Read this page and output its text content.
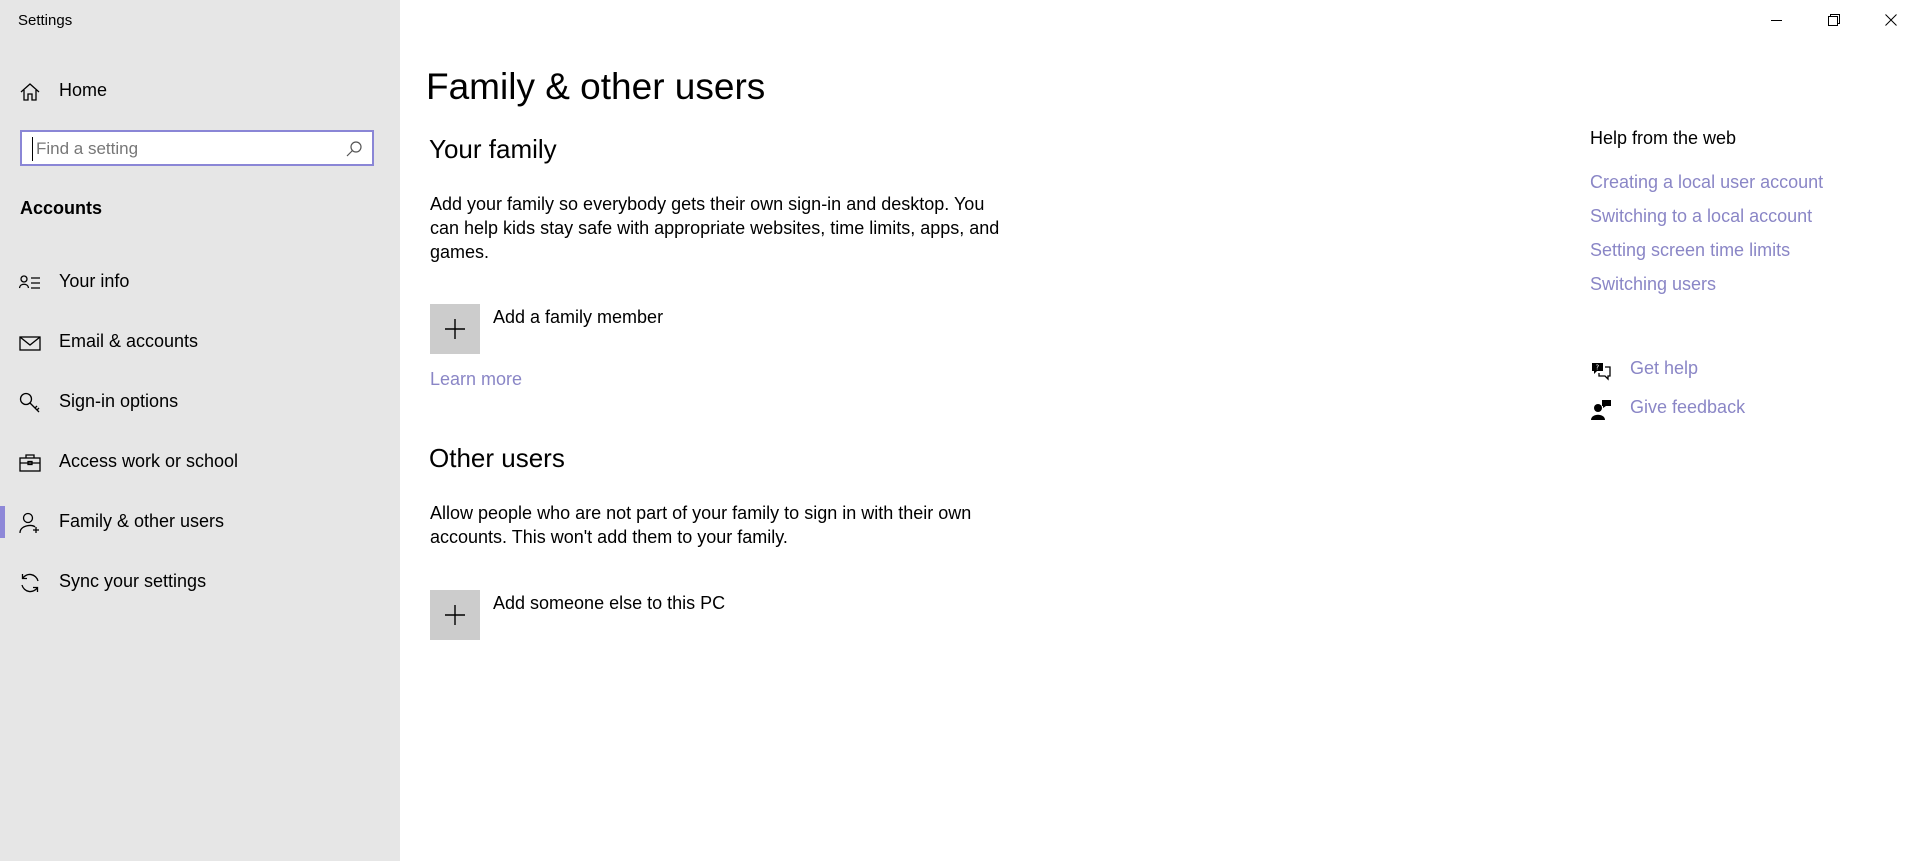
Settings
Home
Find a setting
Accounts
Your info
Email & accounts
Sign-in options
Access work or school
Family & other users
Sync your settings
Family & other users
Your family
Add your family so everybody gets their own sign-in and desktop. You can help kids stay safe with appropriate websites, time limits, apps, and games.
Add a family member
Learn more
Other users
Allow people who are not part of your family to sign in with their own accounts. This won't add them to your family.
Add someone else to this PC
Help from the web
Creating a local user account
Switching to a local account
Setting screen time limits
Switching users
? Get help
Give feedback
